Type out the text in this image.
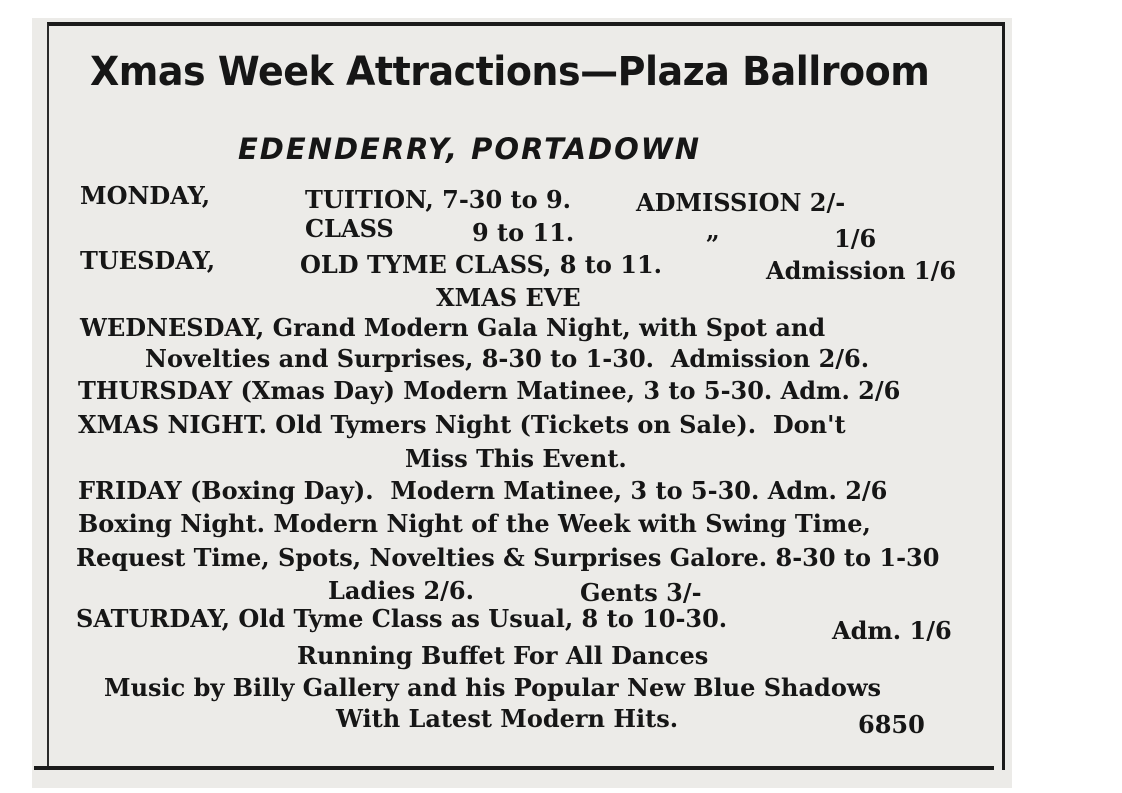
Xmas Week Attractions—Plaza Ballroom
EDENDERRY, PORTADOWN
MONDAY,	TUITION, 7-30 to 9.	ADMISSION 2/-
CLASS	9 to 11.	„	1/6
TUESDAY,	OLD TYME CLASS, 8 to 11.	Admission 1/6
XMAS EVE
WEDNESDAY, Grand Modern Gala Night, with Spot and
Novelties and Surprises, 8-30 to 1-30.  Admission 2/6.
THURSDAY (Xmas Day) Modern Matinee, 3 to 5-30. Adm. 2/6
XMAS NIGHT. Old Tymers Night (Tickets on Sale).  Don't
Miss This Event.
FRIDAY (Boxing Day).  Modern Matinee, 3 to 5-30. Adm. 2/6
Boxing Night. Modern Night of the Week with Swing Time,
Request Time, Spots, Novelties & Surprises Galore. 8-30 to 1-30
Ladies 2/6.	Gents 3/-
SATURDAY, Old Tyme Class as Usual, 8 to 10-30.	Adm. 1/6
Running Buffet For All Dances
Music by Billy Gallery and his Popular New Blue Shadows
With Latest Modern Hits.	6850
